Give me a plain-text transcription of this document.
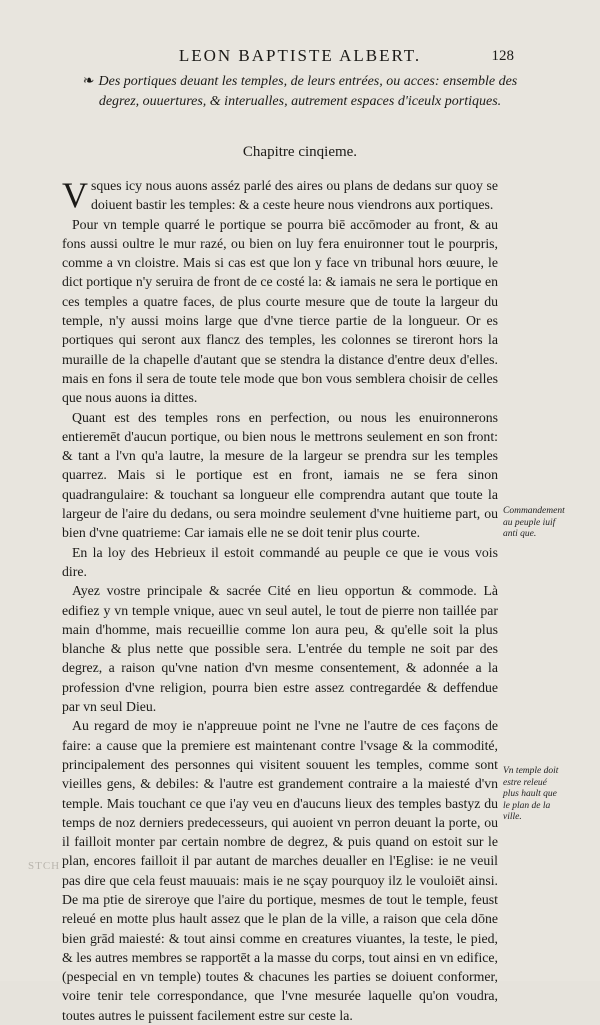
LEON BAPTISTE ALBERT.	128
❧ Des portiques deuant les temples, de leurs entrées, ou acces: ensemble des degrez, ouuertures, & interualles, autrement espaces d'iceulx portiques.
Chapitre cinqieme.

Vsques icy nous auons asséz parlé des aires ou plans de dedans sur quoy se doiuent bastir les temples: & a ceste heure nous viendrons aux portiques.

Pour vn temple quarré le portique se pourra biē accōmoder au front, & au fons aussi oultre le mur razé, ou bien on luy fera enuironner tout le pourpris, comme a vn cloistre. Mais si cas est que lon y face vn tribunal hors œuure, le dict portique n'y seruira de front de ce costé la: & iamais ne sera le portique en ces temples a quatre faces, de plus courte mesure que de toute la largeur du temple, n'y aussi moins large que d'vne tierce partie de la longueur. Or es portiques qui seront aux flancz des temples, les colonnes se tireront hors la muraille de la chapelle d'autant que se stendra la distance d'entre deux d'elles. mais en fons il sera de toute tele mode que bon vous semblera choisir de celles que nous auons ia dittes.

Quant est des temples rons en perfection, ou nous les enuironnerons entieremēt d'aucun portique, ou bien nous le mettrons seulement en son front: & tant a l'vn qu'a lautre, la mesure de la largeur se prendra sur les temples quarrez. Mais si le portique est en front, iamais ne se fera sinon quadrangulaire: & touchant sa longueur elle comprendra autant que toute la largeur de l'aire du dedans, ou sera moindre seulement d'vne huitieme part, ou bien d'vne quatrieme: Car iamais elle ne se doit tenir plus courte.

En la loy des Hebrieux il estoit commandé au peuple ce que ie vous vois dire.

Ayez vostre principale & sacrée Cité en lieu opportun & commode. Là edifiez y vn temple vnique, auec vn seul autel, le tout de pierre non taillée par main d'homme, mais recueillie comme lon aura peu, & qu'elle soit la plus blanche & plus nette que possible sera. L'entrée du temple ne soit par des degrez, a raison qu'vne nation d'vn mesme consentement, & adonnée a la profession d'vne religion, pourra bien estre assez contregardée & deffendue par vn seul Dieu.

Au regard de moy ie n'appreuue point ne l'vne ne l'autre de ces façons de faire: a cause que la premiere est maintenant contre l'vsage & la commodité, principalement des personnes qui visitent souuent les temples, comme sont vieilles gens, & debiles: & l'autre est grandement contraire a la maiesté d'vn temple. Mais touchant ce que i'ay veu en d'aucuns lieux des temples bastyz du temps de noz derniers predecesseurs, qui auoient vn perron deuant la porte, ou il failloit monter par certain nombre de degrez, & puis quand on estoit sur le plan, encores failloit il par autant de marches deualler en l'Eglise: ie ne veuil pas dire que cela feust mauuais: mais ie ne sçay pourquoy ilz le vouloiēt ainsi. De ma ptie de sireroye que l'aire du portique, mesmes de tout le temple, feust releué en motte plus hault assez que le plan de la ville, a raison que cela dōne bien grād maiesté: & tout ainsi comme en creatures viuantes, la teste, le pied, & les autres membres se rapportēt a la masse du corps, tout ainsi en vn edifice, (pespecial en vn temple) toutes & chacunes les parties se doiuent conformer, voire tenir tele correspondance, que l'vne mesurée laquelle qu'on voudra, toutes autres le puissent facilement estre sur ceste la.

Commandement au peuple iuif anti que.
Vn temple doit estre releué plus hault que le plan de la ville.
STCH
